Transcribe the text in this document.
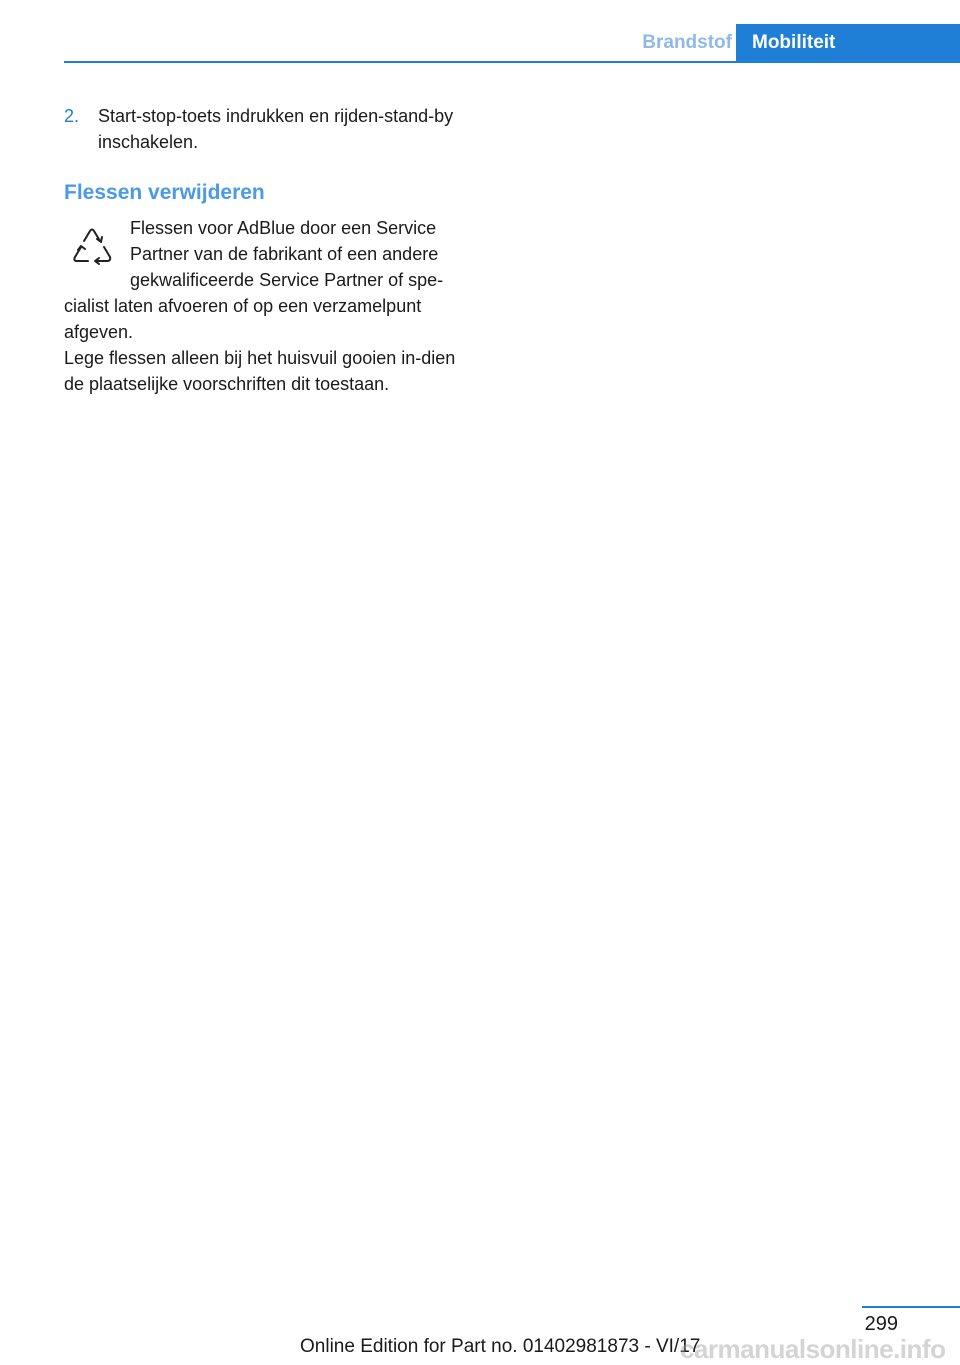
Brandstof	Mobiliteit
2.	Start-stop-toets indrukken en rijden-stand-by inschakelen.
Flessen verwijderen

Flessen voor AdBlue door een Service Partner van de fabrikant of een andere gekwalificeerde Service Partner of spe-cialist laten afvoeren of op een verzamelpunt afgeven.

Lege flessen alleen bij het huisvuil gooien in-dien de plaatselijke voorschriften dit toestaan.

299
Online Edition for Part no. 01402981873 - VI/17
carmanualsonline.info
